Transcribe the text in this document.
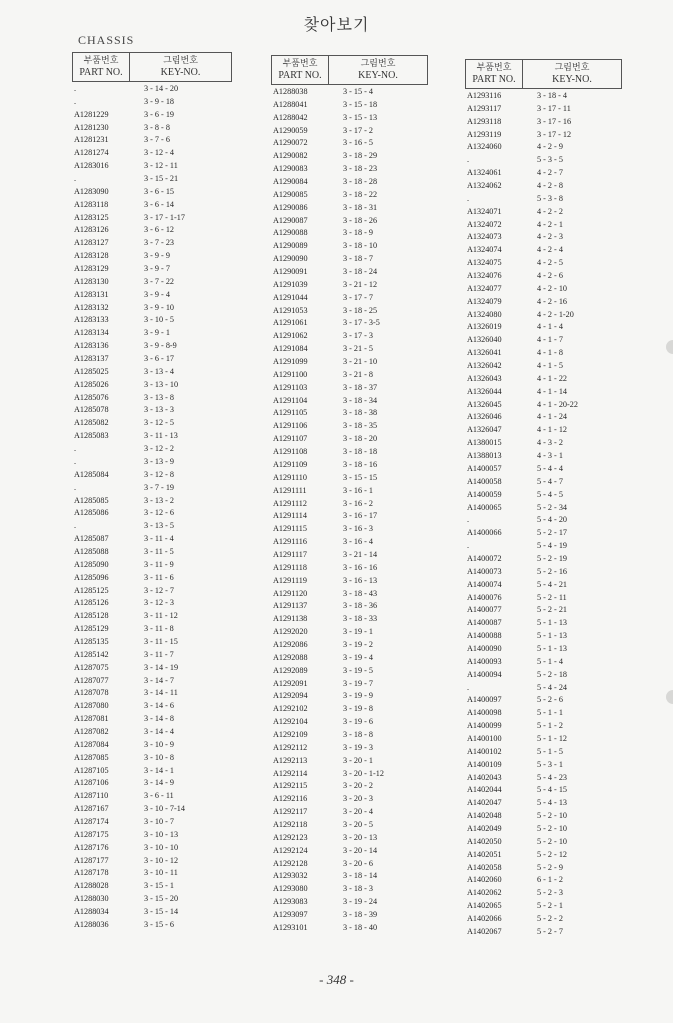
찾아보기
CHASSIS
부품번호
PART NO.
그림번호
KEY-NO.
.	3 - 14 - 20
.	3 - 9 - 18
A1281229	3 - 6 - 19
A1281230	3 - 8 - 8
A1281231	3 - 7 - 6
A1281274	3 - 12 - 4
A1283016	3 - 12 - 11
.	3 - 15 - 21
A1283090	3 - 6 - 15
A1283118	3 - 6 - 14
A1283125	3 - 17 - 1-17
A1283126	3 - 6 - 12
A1283127	3 - 7 - 23
A1283128	3 - 9 - 9
A1283129	3 - 9 - 7
A1283130	3 - 7 - 22
A1283131	3 - 9 - 4
A1283132	3 - 9 - 10
A1283133	3 - 10 - 5
A1283134	3 - 9 - 1
A1283136	3 - 9 - 8-9
A1283137	3 - 6 - 17
A1285025	3 - 13 - 4
A1285026	3 - 13 - 10
A1285076	3 - 13 - 8
A1285078	3 - 13 - 3
A1285082	3 - 12 - 5
A1285083	3 - 11 - 13
.	3 - 12 - 2
.	3 - 13 - 9
A1285084	3 - 12 - 8
.	3 - 7 - 19
A1285085	3 - 13 - 2
A1285086	3 - 12 - 6
.	3 - 13 - 5
A1285087	3 - 11 - 4
A1285088	3 - 11 - 5
A1285090	3 - 11 - 9
A1285096	3 - 11 - 6
A1285125	3 - 12 - 7
A1285126	3 - 12 - 3
A1285128	3 - 11 - 12
A1285129	3 - 11 - 8
A1285135	3 - 11 - 15
A1285142	3 - 11 - 7
A1287075	3 - 14 - 19
A1287077	3 - 14 - 7
A1287078	3 - 14 - 11
A1287080	3 - 14 - 6
A1287081	3 - 14 - 8
A1287082	3 - 14 - 4
A1287084	3 - 10 - 9
A1287085	3 - 10 - 8
A1287105	3 - 14 - 1
A1287106	3 - 14 - 9
A1287110	3 - 6 - 11
A1287167	3 - 10 - 7-14
A1287174	3 - 10 - 7
A1287175	3 - 10 - 13
A1287176	3 - 10 - 10
A1287177	3 - 10 - 12
A1287178	3 - 10 - 11
A1288028	3 - 15 - 1
A1288030	3 - 15 - 20
A1288034	3 - 15 - 14
A1288036	3 - 15 - 6
부품번호
PART NO.
그림번호
KEY-NO.
A1288038	3 - 15 - 4
A1288041	3 - 15 - 18
A1288042	3 - 15 - 13
A1290059	3 - 17 - 2
A1290072	3 - 16 - 5
A1290082	3 - 18 - 29
A1290083	3 - 18 - 23
A1290084	3 - 18 - 28
A1290085	3 - 18 - 22
A1290086	3 - 18 - 31
A1290087	3 - 18 - 26
A1290088	3 - 18 - 9
A1290089	3 - 18 - 10
A1290090	3 - 18 - 7
A1290091	3 - 18 - 24
A1291039	3 - 21 - 12
A1291044	3 - 17 - 7
A1291053	3 - 18 - 25
A1291061	3 - 17 - 3-5
A1291062	3 - 17 - 3
A1291084	3 - 21 - 5
A1291099	3 - 21 - 10
A1291100	3 - 21 - 8
A1291103	3 - 18 - 37
A1291104	3 - 18 - 34
A1291105	3 - 18 - 38
A1291106	3 - 18 - 35
A1291107	3 - 18 - 20
A1291108	3 - 18 - 18
A1291109	3 - 18 - 16
A1291110	3 - 15 - 15
A1291111	3 - 16 - 1
A1291112	3 - 16 - 2
A1291114	3 - 16 - 17
A1291115	3 - 16 - 3
A1291116	3 - 16 - 4
A1291117	3 - 21 - 14
A1291118	3 - 16 - 16
A1291119	3 - 16 - 13
A1291120	3 - 18 - 43
A1291137	3 - 18 - 36
A1291138	3 - 18 - 33
A1292020	3 - 19 - 1
A1292086	3 - 19 - 2
A1292088	3 - 19 - 4
A1292089	3 - 19 - 5
A1292091	3 - 19 - 7
A1292094	3 - 19 - 9
A1292102	3 - 19 - 8
A1292104	3 - 19 - 6
A1292109	3 - 18 - 8
A1292112	3 - 19 - 3
A1292113	3 - 20 - 1
A1292114	3 - 20 - 1-12
A1292115	3 - 20 - 2
A1292116	3 - 20 - 3
A1292117	3 - 20 - 4
A1292118	3 - 20 - 5
A1292123	3 - 20 - 13
A1292124	3 - 20 - 14
A1292128	3 - 20 - 6
A1293032	3 - 18 - 14
A1293080	3 - 18 - 3
A1293083	3 - 19 - 24
A1293097	3 - 18 - 39
A1293101	3 - 18 - 40
부품번호
PART NO.
그림번호
KEY-NO.
A1293116	3 - 18 - 4
A1293117	3 - 17 - 11
A1293118	3 - 17 - 16
A1293119	3 - 17 - 12
A1324060	4 - 2 - 9
.	5 - 3 - 5
A1324061	4 - 2 - 7
A1324062	4 - 2 - 8
.	5 - 3 - 8
A1324071	4 - 2 - 2
A1324072	4 - 2 - 1
A1324073	4 - 2 - 3
A1324074	4 - 2 - 4
A1324075	4 - 2 - 5
A1324076	4 - 2 - 6
A1324077	4 - 2 - 10
A1324079	4 - 2 - 16
A1324080	4 - 2 - 1-20
A1326019	4 - 1 - 4
A1326040	4 - 1 - 7
A1326041	4 - 1 - 8
A1326042	4 - 1 - 5
A1326043	4 - 1 - 22
A1326044	4 - 1 - 14
A1326045	4 - 1 - 20-22
A1326046	4 - 1 - 24
A1326047	4 - 1 - 12
A1380015	4 - 3 - 2
A1388013	4 - 3 - 1
A1400057	5 - 4 - 4
A1400058	5 - 4 - 7
A1400059	5 - 4 - 5
A1400065	5 - 2 - 34
.	5 - 4 - 20
A1400066	5 - 2 - 17
.	5 - 4 - 19
A1400072	5 - 2 - 19
A1400073	5 - 2 - 16
A1400074	5 - 4 - 21
A1400076	5 - 2 - 11
A1400077	5 - 2 - 21
A1400087	5 - 1 - 13
A1400088	5 - 1 - 13
A1400090	5 - 1 - 13
A1400093	5 - 1 - 4
A1400094	5 - 2 - 18
.	5 - 4 - 24
A1400097	5 - 2 - 6
A1400098	5 - 1 - 1
A1400099	5 - 1 - 2
A1400100	5 - 1 - 12
A1400102	5 - 1 - 5
A1400109	5 - 3 - 1
A1402043	5 - 4 - 23
A1402044	5 - 4 - 15
A1402047	5 - 4 - 13
A1402048	5 - 2 - 10
A1402049	5 - 2 - 10
A1402050	5 - 2 - 10
A1402051	5 - 2 - 12
A1402058	5 - 2 - 9
A1402060	6 - 1 - 2
A1402062	5 - 2 - 3
A1402065	5 - 2 - 1
A1402066	5 - 2 - 2
A1402067	5 - 2 - 7
- 348 -
